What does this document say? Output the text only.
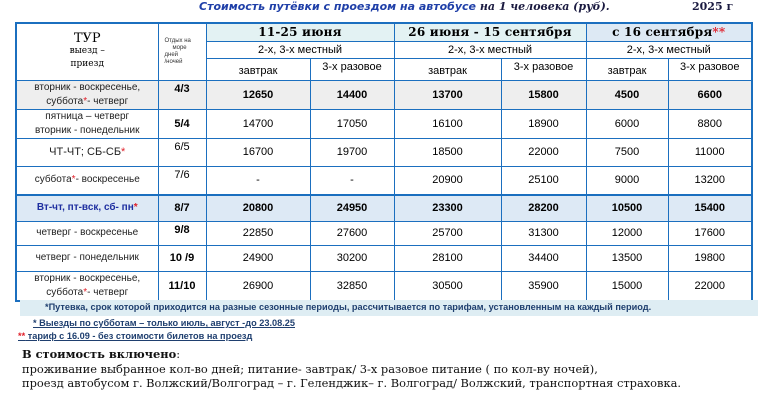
Стоимость путёвки с проездом на автобусе на 1 человека (руб).	2025 г
ТУР
выезд –
приезд

Отдых на
море
дней
/ночей
	11-25 июня	26 июня - 15 сентября	с 16 сентября**
		2-х, 3-х местный		2-х, 3-х местный		2-х, 3-х местный	
		завтрак	3-х разовое	завтрак	3-х разовое	завтрак	3-х разовое

вторник - воскресенье,
суббота*- четверг	4/3	12650	14400	13700	15800	4500	6600

пятница – четверг
вторник - понедельник	5/4	14700	17050	16100	18900	6000	8800
ЧТ-ЧТ; СБ-СБ*	6/5	16700	19700	18500	22000	7500	11000
суббота*- воскресенье	7/6	-	-	20900	25100	9000	13200
Вт-чт, пт-вск, сб- пн*	8/7	20800	24950	23300	28200	10500	15400
четверг - воскресенье	9/8	22850	27600	25700	31300	12000	17600
четверг - понедельник	10 /9	24900	30200	28100	34400	13500	19800

вторник - воскресенье,
суббота*- четверг	11/10	26900	32850	30500	35900	15000	22000
*Путевка, срок которой приходится на разные сезонные периоды, рассчитывается по тарифам, установленным на каждый период.
* Выезды по субботам – только июль, август -до 23.08.25
** тариф с 16.09 - без стоимости билетов на проезд
В стоимость включено:
проживание выбранное кол-во дней; питание- завтрак/ 3-х разовое питание ( по кол-ву ночей),
проезд автобусом г. Волжский/Волгоград – г. Геленджик– г. Волгоград/ Волжский, транспортная страховка.
